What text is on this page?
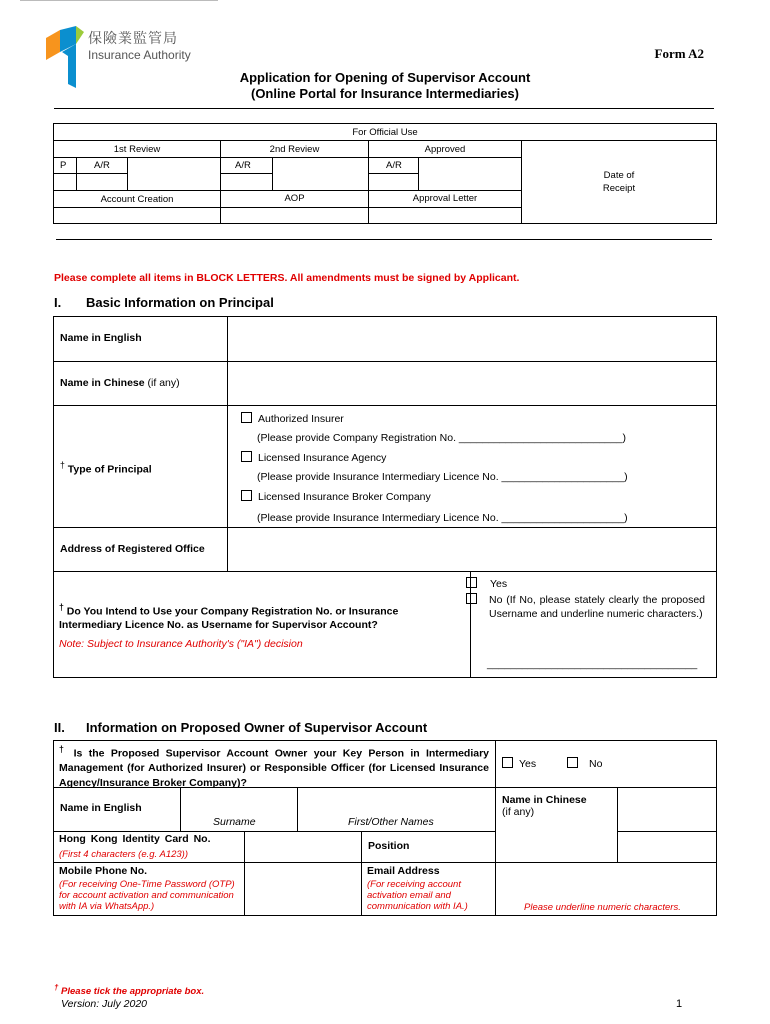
保險業監管局
Insurance Authority	Form A2
Application for Opening of Supervisor Account
(Online Portal for Insurance Intermediaries)
For Official Use
1st Review	2nd Review	Approved
Date of Receipt
P	A/R	A/R	A/R
Account Creation	AOP	Approval Letter
Please complete all items in BLOCK LETTERS. All amendments must be signed by Applicant.
I. Basic Information on Principal
Name in English
Name in Chinese (if any)
† Type of Principal
Authorized Insurer
(Please provide Company Registration No. ____________________________)
Licensed Insurance Agency
(Please provide Insurance Intermediary Licence No. _____________________)
Licensed Insurance Broker Company
(Please provide Insurance Intermediary Licence No. _____________________)
Address of Registered Office
† Do You Intend to Use your Company Registration No. or Insurance Intermediary Licence No. as Username for Supervisor Account?
Note: Subject to Insurance Authority's ("IA") decision
Yes
No (If No, please stately clearly the proposed Username and underline numeric characters.)
____________________________________
II. Information on Proposed Owner of Supervisor Account
† Is the Proposed Supervisor Account Owner your Key Person in Intermediary Management (for Authorized Insurer) or Responsible Officer (for Licensed Insurance Agency/Insurance Broker Company)?
Yes	No
Name in English
Surname	First/Other Names
Name in Chinese
(if any)
Hong Kong Identity Card No.
(First 4 characters (e.g. A123))
Position
Mobile Phone No.
(For receiving One-Time Password (OTP) for account activation and communication with IA via WhatsApp.)
Email Address
(For receiving account activation email and communication with IA.)	Please underline numeric characters.
† Please tick the appropriate box.
Version: July 2020	1
